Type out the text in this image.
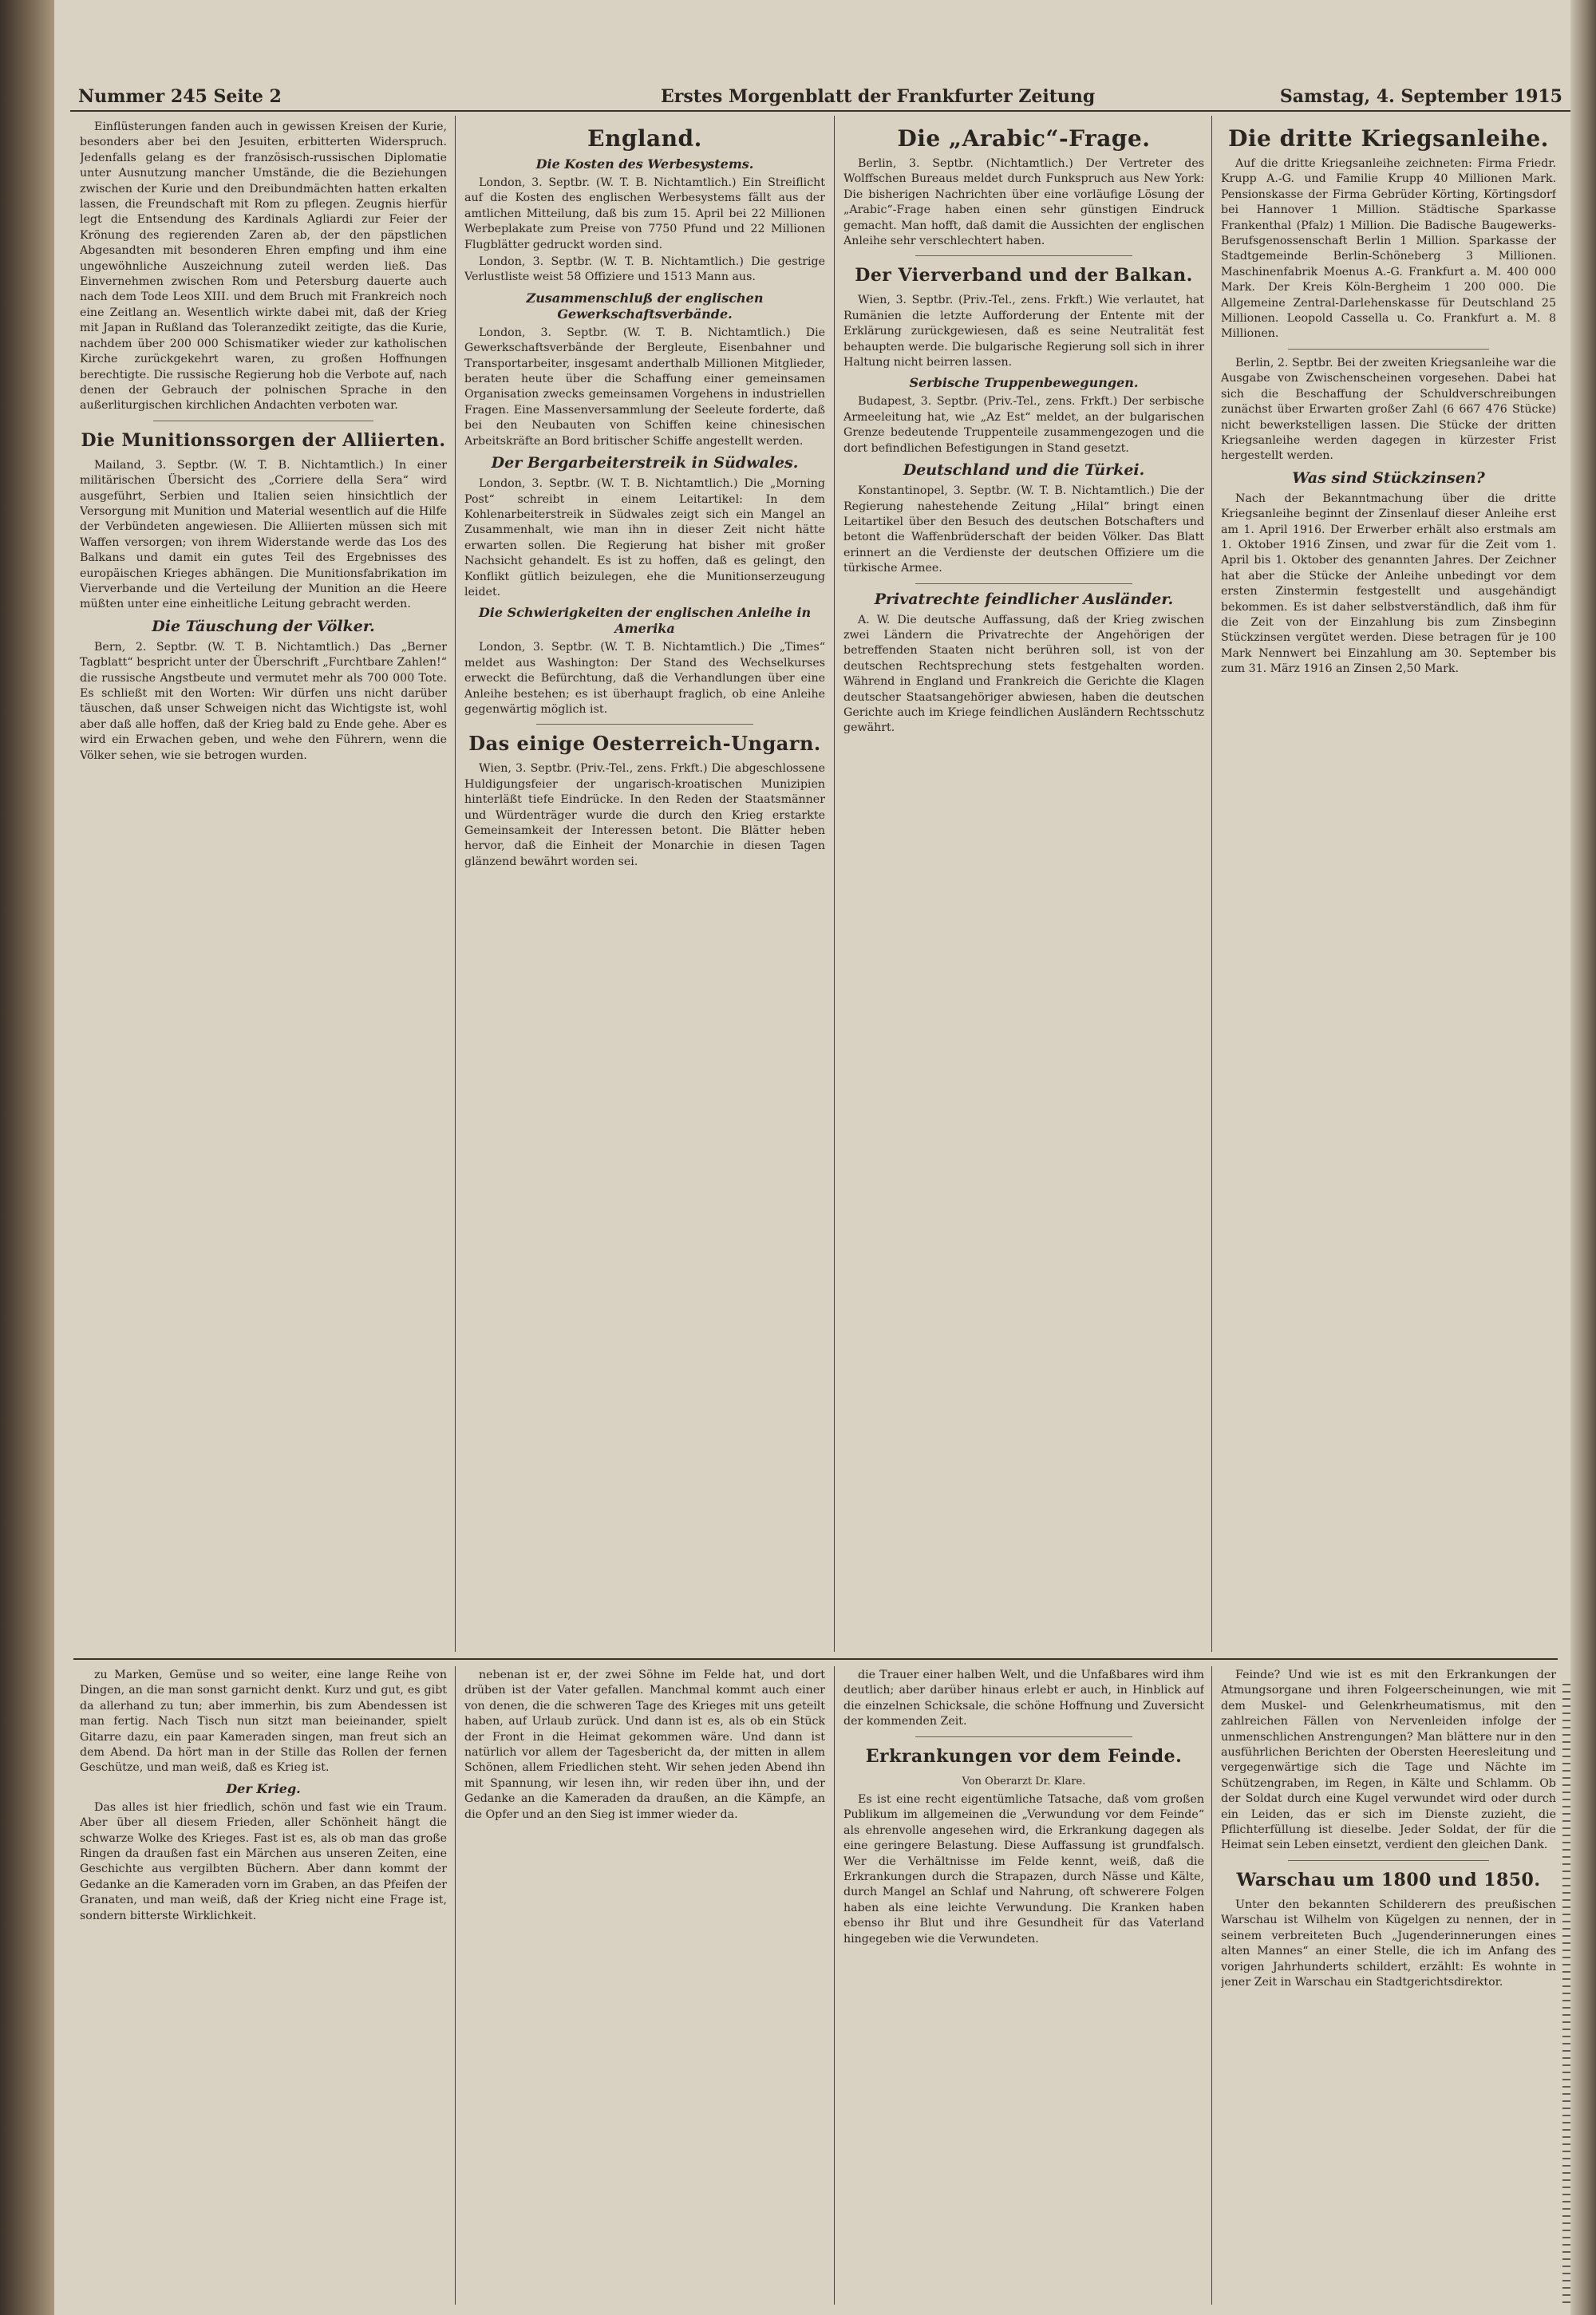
Nummer 245 Seite 2	Erstes Morgenblatt der Frankfurter Zeitung	Samstag, 4. September 1915

Einflüsterungen fanden auch in gewissen Kreisen der Kurie, besonders aber bei den Jesuiten, erbitterten Widerspruch. Jedenfalls gelang es der französisch-russischen Diplomatie unter Ausnutzung mancher Umstände, die die Beziehungen zwischen der Kurie und den Dreibundmächten hatten erkalten lassen, die Freundschaft mit Rom zu pflegen. Zeugnis hierfür legt die Entsendung des Kardinals Agliardi zur Feier der Krönung des regierenden Zaren ab, der den päpstlichen Abgesandten mit besonderen Ehren empfing und ihm eine ungewöhnliche Auszeichnung zuteil werden ließ. Das Einvernehmen zwischen Rom und Petersburg dauerte auch nach dem Tode Leos XIII. und dem Bruch mit Frankreich noch eine Zeitlang an. Wesentlich wirkte dabei mit, daß der Krieg mit Japan in Rußland das Toleranzedikt zeitigte, das die Kurie, nachdem über 200 000 Schismatiker wieder zur katholischen Kirche zurückgekehrt waren, zu großen Hoffnungen berechtigte. Die russische Regierung hob die Verbote auf, nach denen der Gebrauch der polnischen Sprache in den außerliturgischen kirchlichen Andachten verboten war.

Die Munitionssorgen der Alliierten.

Mailand, 3. Septbr. (W. T. B. Nichtamtlich.) In einer militärischen Übersicht des „Corriere della Sera“ wird ausgeführt, Serbien und Italien seien hinsichtlich der Versorgung mit Munition und Material wesentlich auf die Hilfe der Verbündeten angewiesen. Die Alliierten müssen sich mit Waffen versorgen; von ihrem Widerstande werde das Los des Balkans und damit ein gutes Teil des Ergebnisses des europäischen Krieges abhängen. Die Munitionsfabrikation im Vierverbande und die Verteilung der Munition an die Heere müßten unter eine einheitliche Leitung gebracht werden.

Die Täuschung der Völker.

Bern, 2. Septbr. (W. T. B. Nichtamtlich.) Das „Berner Tagblatt“ bespricht unter der Überschrift „Furchtbare Zahlen!“ die russische Angstbeute und vermutet mehr als 700 000 Tote. Es schließt mit den Worten: Wir dürfen uns nicht darüber täuschen, daß unser Schweigen nicht das Wichtigste ist, wohl aber daß alle hoffen, daß der Krieg bald zu Ende gehe. Aber es wird ein Erwachen geben, und wehe den Führern, wenn die Völker sehen, wie sie betrogen wurden.

England.
Die Kosten des Werbesystems.

London, 3. Septbr. (W. T. B. Nichtamtlich.) Ein Streiflicht auf die Kosten des englischen Werbesystems fällt aus der amtlichen Mitteilung, daß bis zum 15. April bei 22 Millionen Werbeplakate zum Preise von 7750 Pfund und 22 Millionen Flugblätter gedruckt worden sind.

London, 3. Septbr. (W. T. B. Nichtamtlich.) Die gestrige Verlustliste weist 58 Offiziere und 1513 Mann aus.

Zusammenschluß der englischen Gewerkschaftsverbände.

London, 3. Septbr. (W. T. B. Nichtamtlich.) Die Gewerkschaftsverbände der Bergleute, Eisenbahner und Transportarbeiter, insgesamt anderthalb Millionen Mitglieder, beraten heute über die Schaffung einer gemeinsamen Organisation zwecks gemeinsamen Vorgehens in industriellen Fragen. Eine Massenversammlung der Seeleute forderte, daß bei den Neubauten von Schiffen keine chinesischen Arbeitskräfte an Bord britischer Schiffe angestellt werden.

Der Bergarbeiterstreik in Südwales.

London, 3. Septbr. (W. T. B. Nichtamtlich.) Die „Morning Post“ schreibt in einem Leitartikel: In dem Kohlenarbeiterstreik in Südwales zeigt sich ein Mangel an Zusammenhalt, wie man ihn in dieser Zeit nicht hätte erwarten sollen. Die Regierung hat bisher mit großer Nachsicht gehandelt. Es ist zu hoffen, daß es gelingt, den Konflikt gütlich beizulegen, ehe die Munitionserzeugung leidet.

Die Schwierigkeiten der englischen Anleihe in Amerika

London, 3. Septbr. (W. T. B. Nichtamtlich.) Die „Times“ meldet aus Washington: Der Stand des Wechselkurses erweckt die Befürchtung, daß die Verhandlungen über eine Anleihe bestehen; es ist überhaupt fraglich, ob eine Anleihe gegenwärtig möglich ist.

Das einige Oesterreich-Ungarn.

Wien, 3. Septbr. (Priv.-Tel., zens. Frkft.) Die abgeschlossene Huldigungsfeier der ungarisch-kroatischen Munizipien hinterläßt tiefe Eindrücke. In den Reden der Staatsmänner und Würdenträger wurde die durch den Krieg erstarkte Gemeinsamkeit der Interessen betont. Die Blätter heben hervor, daß die Einheit der Monarchie in diesen Tagen glänzend bewährt worden sei.

Die „Arabic“-Frage.

Berlin, 3. Septbr. (Nichtamtlich.) Der Vertreter des Wolffschen Bureaus meldet durch Funkspruch aus New York: Die bisherigen Nachrichten über eine vorläufige Lösung der „Arabic“-Frage haben einen sehr günstigen Eindruck gemacht. Man hofft, daß damit die Aussichten der englischen Anleihe sehr verschlechtert haben.

Der Vierverband und der Balkan.

Wien, 3. Septbr. (Priv.-Tel., zens. Frkft.) Wie verlautet, hat Rumänien die letzte Aufforderung der Entente mit der Erklärung zurückgewiesen, daß es seine Neutralität fest behaupten werde. Die bulgarische Regierung soll sich in ihrer Haltung nicht beirren lassen.

Serbische Truppenbewegungen.

Budapest, 3. Septbr. (Priv.-Tel., zens. Frkft.) Der serbische Armeeleitung hat, wie „Az Est“ meldet, an der bulgarischen Grenze bedeutende Truppenteile zusammengezogen und die dort befindlichen Befestigungen in Stand gesetzt.

Deutschland und die Türkei.

Konstantinopel, 3. Septbr. (W. T. B. Nichtamtlich.) Die der Regierung nahestehende Zeitung „Hilal“ bringt einen Leitartikel über den Besuch des deutschen Botschafters und betont die Waffenbrüderschaft der beiden Völker. Das Blatt erinnert an die Verdienste der deutschen Offiziere um die türkische Armee.

Privatrechte feindlicher Ausländer.

A. W. Die deutsche Auffassung, daß der Krieg zwischen zwei Ländern die Privatrechte der Angehörigen der betreffenden Staaten nicht berühren soll, ist von der deutschen Rechtsprechung stets festgehalten worden. Während in England und Frankreich die Gerichte die Klagen deutscher Staatsangehöriger abwiesen, haben die deutschen Gerichte auch im Kriege feindlichen Ausländern Rechtsschutz gewährt.

Die dritte Kriegsanleihe.

Auf die dritte Kriegsanleihe zeichneten: Firma Friedr. Krupp A.-G. und Familie Krupp 40 Millionen Mark. Pensionskasse der Firma Gebrüder Körting, Körtingsdorf bei Hannover 1 Million. Städtische Sparkasse Frankenthal (Pfalz) 1 Million. Die Badische Baugewerks-Berufsgenossenschaft Berlin 1 Million. Sparkasse der Stadtgemeinde Berlin-Schöneberg 3 Millionen. Maschinenfabrik Moenus A.-G. Frankfurt a. M. 400 000 Mark. Der Kreis Köln-Bergheim 1 200 000. Die Allgemeine Zentral-Darlehenskasse für Deutschland 25 Millionen. Leopold Cassella u. Co. Frankfurt a. M. 8 Millionen.

Berlin, 2. Septbr. Bei der zweiten Kriegsanleihe war die Ausgabe von Zwischenscheinen vorgesehen. Dabei hat sich die Beschaffung der Schuldverschreibungen zunächst über Erwarten großer Zahl (6 667 476 Stücke) nicht bewerkstelligen lassen. Die Stücke der dritten Kriegsanleihe werden dagegen in kürzester Frist hergestellt werden.

Was sind Stückzinsen?

Nach der Bekanntmachung über die dritte Kriegsanleihe beginnt der Zinsenlauf dieser Anleihe erst am 1. April 1916. Der Erwerber erhält also erstmals am 1. Oktober 1916 Zinsen, und zwar für die Zeit vom 1. April bis 1. Oktober des genannten Jahres. Der Zeichner hat aber die Stücke der Anleihe unbedingt vor dem ersten Zinstermin festgestellt und ausgehändigt bekommen. Es ist daher selbstverständlich, daß ihm für die Zeit von der Einzahlung bis zum Zinsbeginn Stückzinsen vergütet werden. Diese betragen für je 100 Mark Nennwert bei Einzahlung am 30. September bis zum 31. März 1916 an Zinsen 2,50 Mark.

zu Marken, Gemüse und so weiter, eine lange Reihe von Dingen, an die man sonst garnicht denkt. Kurz und gut, es gibt da allerhand zu tun; aber immerhin, bis zum Abendessen ist man fertig. Nach Tisch nun sitzt man beieinander, spielt Gitarre dazu, ein paar Kameraden singen, man freut sich an dem Abend. Da hört man in der Stille das Rollen der fernen Geschütze, und man weiß, daß es Krieg ist.

Der Krieg.

Das alles ist hier friedlich, schön und fast wie ein Traum. Aber über all diesem Frieden, aller Schönheit hängt die schwarze Wolke des Krieges. Fast ist es, als ob man das große Ringen da draußen fast ein Märchen aus unseren Zeiten, eine Geschichte aus vergilbten Büchern. Aber dann kommt der Gedanke an die Kameraden vorn im Graben, an das Pfeifen der Granaten, und man weiß, daß der Krieg nicht eine Frage ist, sondern bitterste Wirklichkeit.

nebenan ist er, der zwei Söhne im Felde hat, und dort drüben ist der Vater gefallen. Manchmal kommt auch einer von denen, die die schweren Tage des Krieges mit uns geteilt haben, auf Urlaub zurück. Und dann ist es, als ob ein Stück der Front in die Heimat gekommen wäre. Und dann ist natürlich vor allem der Tagesbericht da, der mitten in allem Schönen, allem Friedlichen steht. Wir sehen jeden Abend ihn mit Spannung, wir lesen ihn, wir reden über ihn, und der Gedanke an die Kameraden da draußen, an die Kämpfe, an die Opfer und an den Sieg ist immer wieder da.

die Trauer einer halben Welt, und die Unfaßbares wird ihm deutlich; aber darüber hinaus erlebt er auch, in Hinblick auf die einzelnen Schicksale, die schöne Hoffnung und Zuversicht der kommenden Zeit.

Erkrankungen vor dem Feinde.
Von Oberarzt Dr. Klare.

Es ist eine recht eigentümliche Tatsache, daß vom großen Publikum im allgemeinen die „Verwundung vor dem Feinde“ als ehrenvolle angesehen wird, die Erkrankung dagegen als eine geringere Belastung. Diese Auffassung ist grundfalsch. Wer die Verhältnisse im Felde kennt, weiß, daß die Erkrankungen durch die Strapazen, durch Nässe und Kälte, durch Mangel an Schlaf und Nahrung, oft schwerere Folgen haben als eine leichte Verwundung. Die Kranken haben ebenso ihr Blut und ihre Gesundheit für das Vaterland hingegeben wie die Verwundeten.

Feinde? Und wie ist es mit den Erkrankungen der Atmungsorgane und ihren Folgeerscheinungen, wie mit dem Muskel- und Gelenkrheumatismus, mit den zahlreichen Fällen von Nervenleiden infolge der unmenschlichen Anstrengungen? Man blättere nur in den ausführlichen Berichten der Obersten Heeresleitung und vergegenwärtige sich die Tage und Nächte im Schützengraben, im Regen, in Kälte und Schlamm. Ob der Soldat durch eine Kugel verwundet wird oder durch ein Leiden, das er sich im Dienste zuzieht, die Pflichterfüllung ist dieselbe. Jeder Soldat, der für die Heimat sein Leben einsetzt, verdient den gleichen Dank.

Warschau um 1800 und 1850.

Unter den bekannten Schilderern des preußischen Warschau ist Wilhelm von Kügelgen zu nennen, der in seinem verbreiteten Buch „Jugenderinnerungen eines alten Mannes“ an einer Stelle, die ich im Anfang des vorigen Jahrhunderts schildert, erzählt: Es wohnte in jener Zeit in Warschau ein Stadtgerichtsdirektor.
